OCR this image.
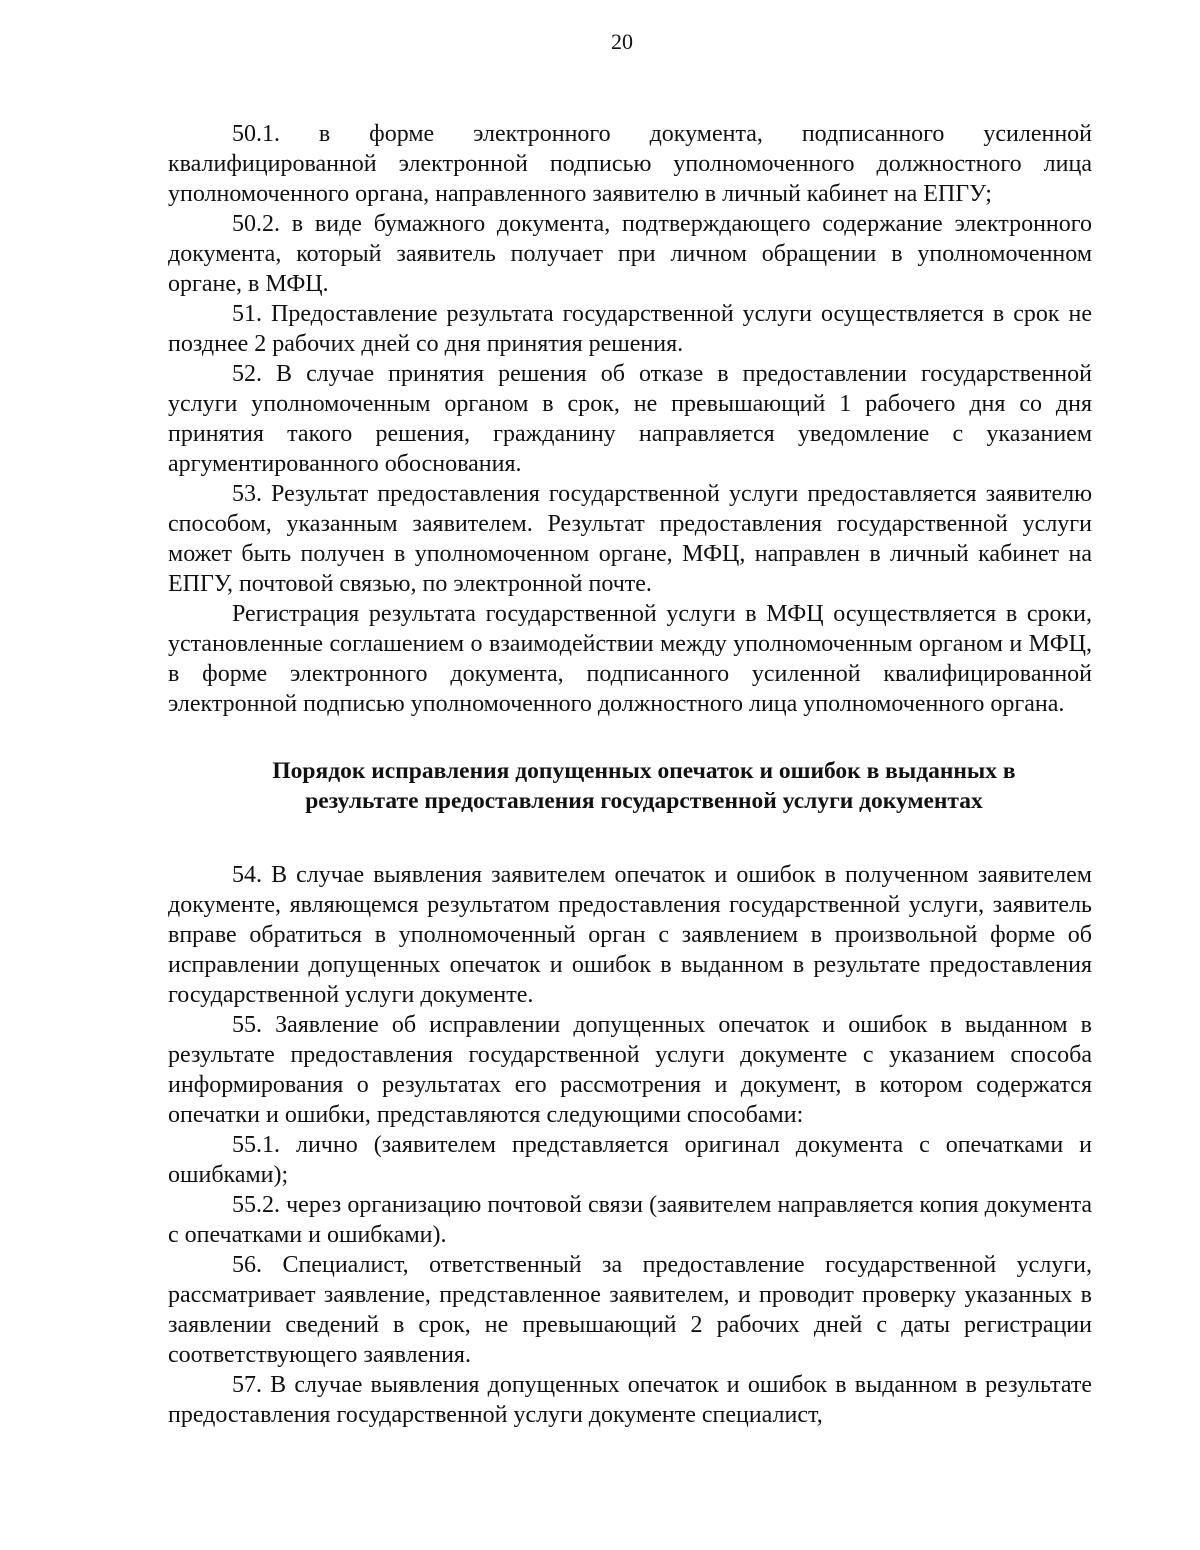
20

50.1. в форме электронного документа, подписанного усиленной квалифицированной электронной подписью уполномоченного должностного лица уполномоченного органа, направленного заявителю в личный кабинет на ЕПГУ;

50.2. в виде бумажного документа, подтверждающего содержание электронного документа, который заявитель получает при личном обращении в уполномоченном органе, в МФЦ.

51. Предоставление результата государственной услуги осуществляется в срок не позднее 2 рабочих дней со дня принятия решения.

52. В случае принятия решения об отказе в предоставлении государственной услуги уполномоченным органом в срок, не превышающий 1 рабочего дня со дня принятия такого решения, гражданину направляется уведомление с указанием аргументированного обоснования.

53. Результат предоставления государственной услуги предоставляется заявителю способом, указанным заявителем. Результат предоставления государственной услуги может быть получен в уполномоченном органе, МФЦ, направлен в личный кабинет на ЕПГУ, почтовой связью, по электронной почте.

Регистрация результата государственной услуги в МФЦ осуществляется в сроки, установленные соглашением о взаимодействии между уполномоченным органом и МФЦ, в форме электронного документа, подписанного усиленной квалифицированной электронной подписью уполномоченного должностного лица уполномоченного органа.

Порядок исправления допущенных опечаток и ошибок в выданных в
результате предоставления государственной услуги документах

54. В случае выявления заявителем опечаток и ошибок в полученном заявителем документе, являющемся результатом предоставления государственной услуги, заявитель вправе обратиться в уполномоченный орган с заявлением в произвольной форме об исправлении допущенных опечаток и ошибок в выданном в результате предоставления государственной услуги документе.

55. Заявление об исправлении допущенных опечаток и ошибок в выданном в результате предоставления государственной услуги документе с указанием способа информирования о результатах его рассмотрения и документ, в котором содержатся опечатки и ошибки, представляются следующими способами:

55.1. лично (заявителем представляется оригинал документа с опечатками и ошибками);

55.2. через организацию почтовой связи (заявителем направляется копия документа с опечатками и ошибками).

56. Специалист, ответственный за предоставление государственной услуги, рассматривает заявление, представленное заявителем, и проводит проверку указанных в заявлении сведений в срок, не превышающий 2 рабочих дней с даты регистрации соответствующего заявления.

57. В случае выявления допущенных опечаток и ошибок в выданном в результате предоставления государственной услуги документе специалист,
